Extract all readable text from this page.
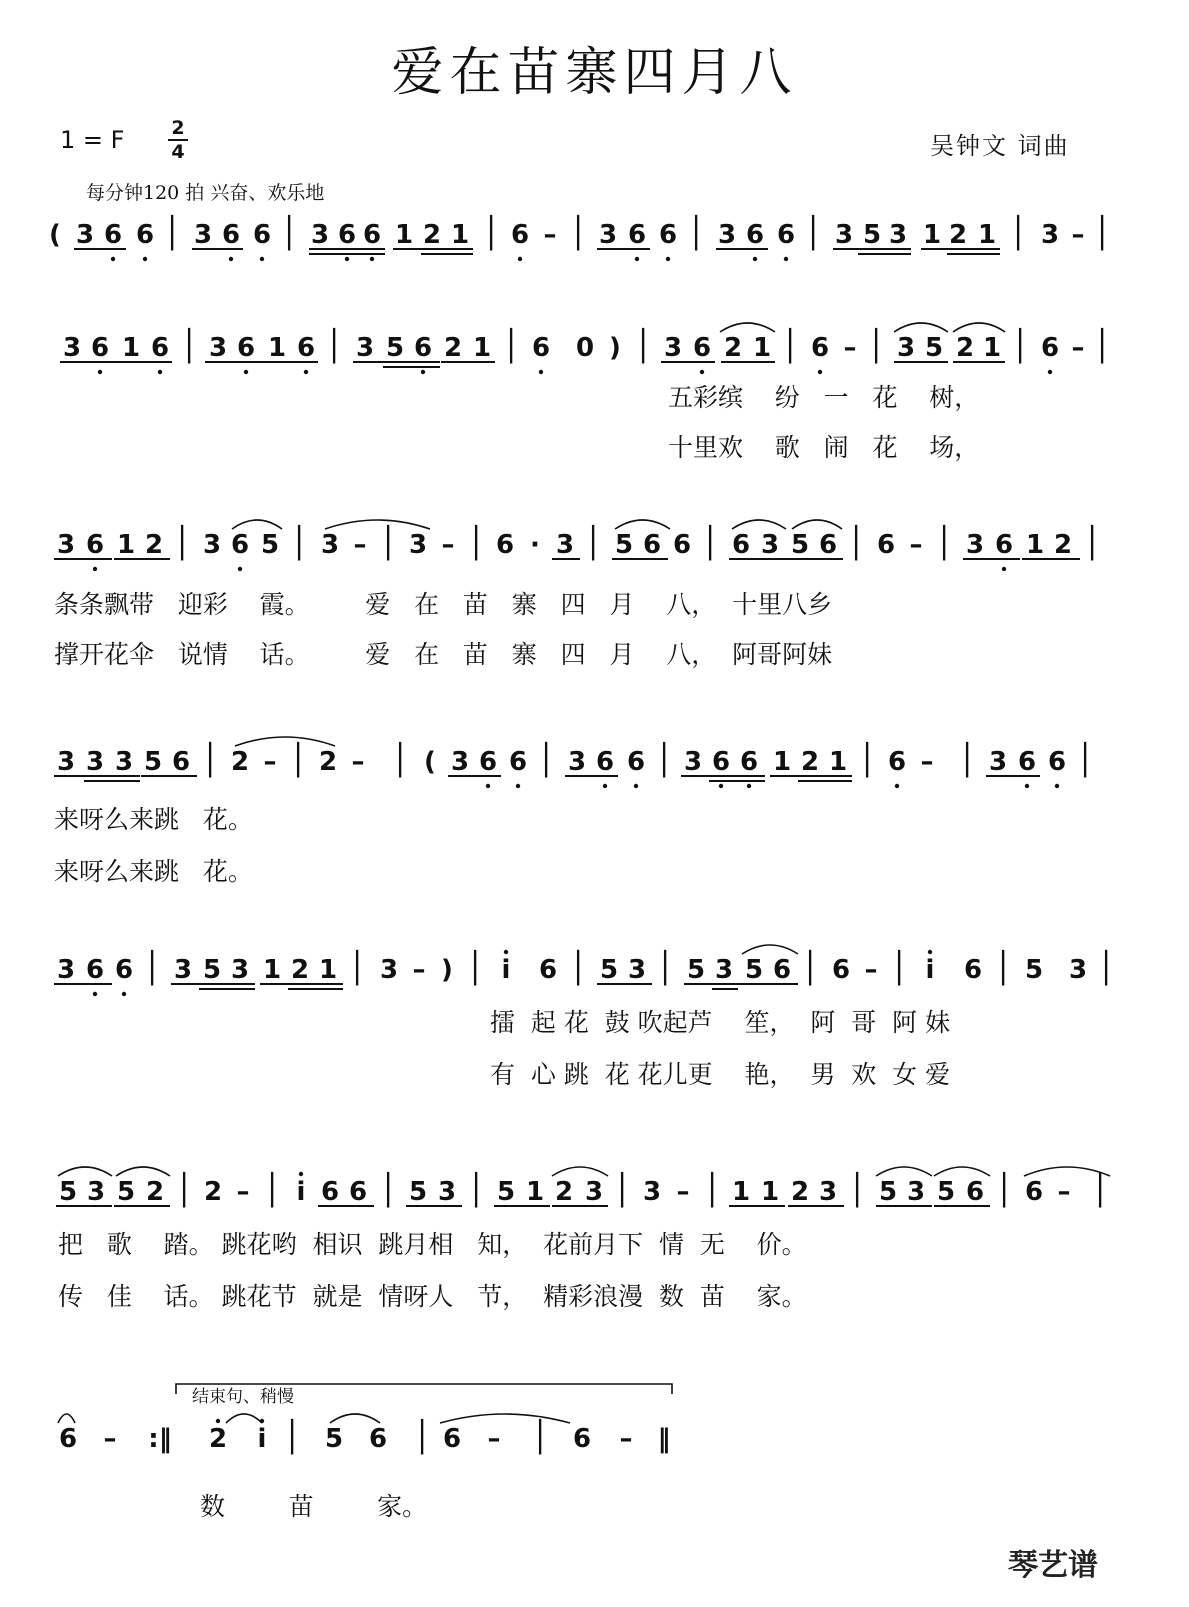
爱在苗寨四月八
1 = F 2
4	吴钟文 词曲
每分钟120 拍 兴奋、欢乐地
( 3 6 6 │ 3 6 6 │ 3 6 6 1 2 1 │ 6 – │ 3 6 6 │ 3 6 6 │ 3 5 3 1 2 1 │ 3 – │
3 6 1 6 │ 3 6 1 6 │ 3 5 6 2 1 │ 6 0 ) │ 3 6 2 1 │ 6 – │ 3 5 2 1 │ 6 – │
3 6 1 2 │ 3 6 5 │ 3 – │ 3 – │ 6 · 3 │ 5 6 6 │ 6 3 5 6 │ 6 – │ 3 6 1 2 │
3 3 3 5 6 │ 2 – │ 2 – │ ( 3 6 6 │ 3 6 6 │ 3 6 6 1 2 1 │ 6 – │ 3 6 6 │
3 6 6 │ 3 5 3 1 2 1 │ 3 – ) │ i 6 │ 5 3 │ 5 3 5 6 │ 6 – │ i 6 │ 5 3 │
5 3 5 2 │ 2 – │ i 6 6 │ 5 3 │ 5 1 2 3 │ 3 – │ 1 1 2 3 │ 5 3 5 6 │ 6 – │
6 – :‖ 2 i │ 5 6 │ 6 – │ 6 – ‖
五彩缤    纷   一   花    树，
十里欢    歌   闹   花    场，
条条飘带   迎彩    霞。       爱   在   苗   寨   四   月    八，  十里八乡
撑开花伞   说情    话。       爱   在   苗   寨   四   月    八，  阿哥阿妹
来呀么来跳   花。
来呀么来跳   花。
擂  起 花  鼓 吹起芦    笙，  阿  哥  阿 妹
有  心 跳  花 花儿更    艳，  男  欢  女 爱
把   歌    踏。 跳花哟  相识  跳月相   知，  花前月下  情  无    价。
传   佳    话。 跳花节  就是  情呀人   节，  精彩浪漫  数  苗    家。
数        苗        家。
结束句、稍慢
琴艺谱
